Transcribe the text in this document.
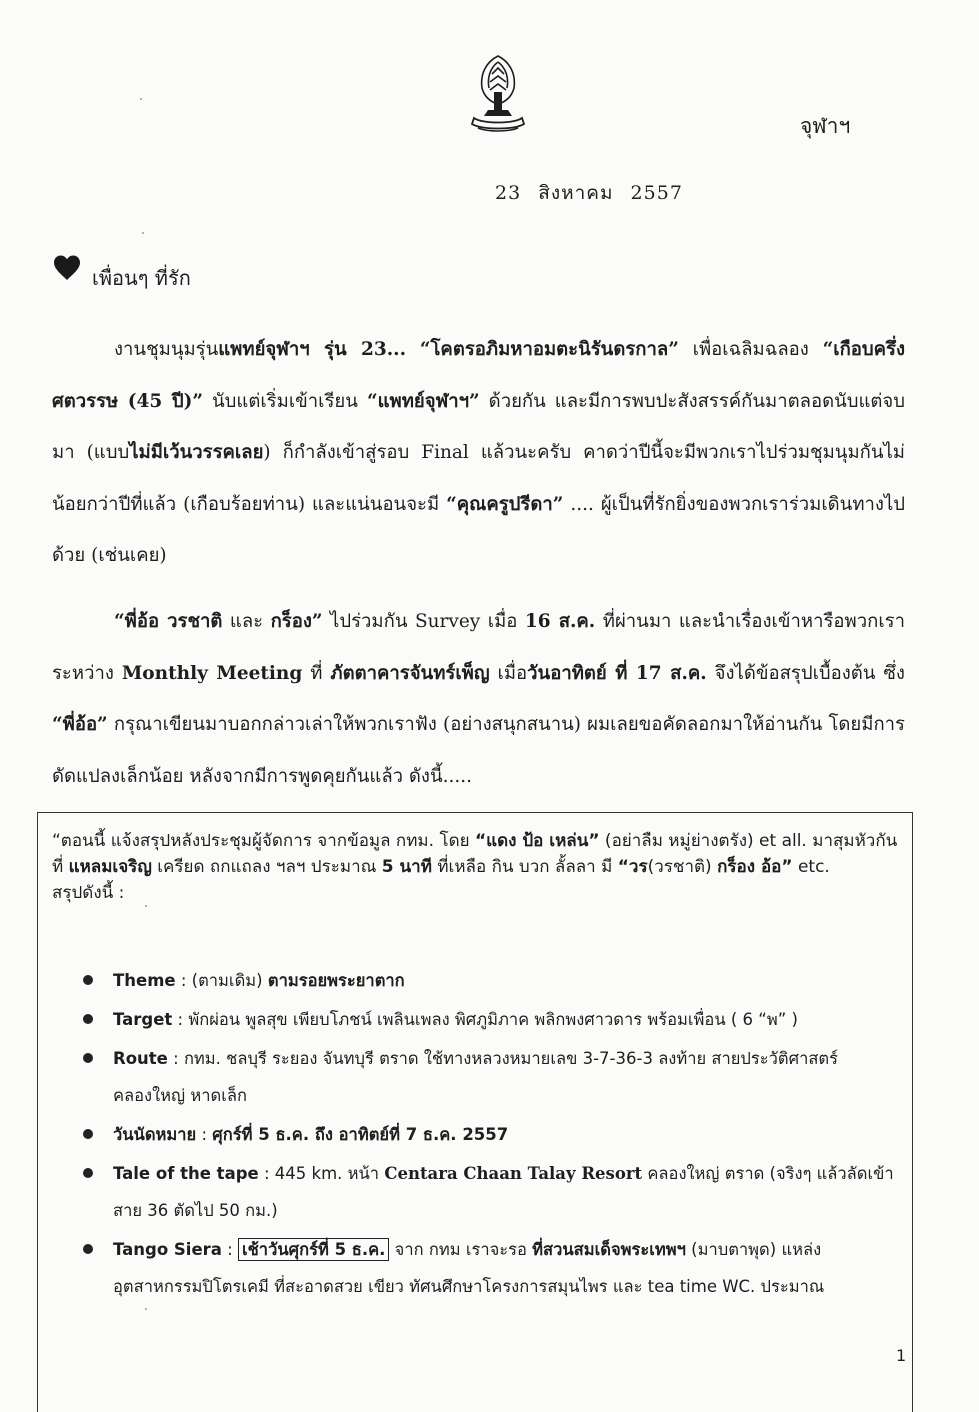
จุฬาฯ
23 สิงหาคม 2557
เพื่อนๆ ที่รัก

งานชุมนุมรุ่นแพทย์จุฬาฯ รุ่น 23... “โคตรอภิมหาอมตะนิรันดรกาล” เพื่อเฉลิมฉลอง “เกือบครึ่งศตวรรษ (45 ปี)” นับแต่เริ่มเข้าเรียน “แพทย์จุฬาฯ” ด้วยกัน และมีการพบปะสังสรรค์กันมาตลอดนับแต่จบมา (แบบไม่มีเว้นวรรคเลย) ก็กำลังเข้าสู่รอบ Final แล้วนะครับ คาดว่าปีนี้จะมีพวกเราไปร่วมชุมนุมกันไม่น้อยกว่าปีที่แล้ว (เกือบร้อยท่าน) และแน่นอนจะมี “คุณครูปรีดา” .... ผู้เป็นที่รักยิ่งของพวกเราร่วมเดินทางไปด้วย (เช่นเคย)

“พี่อ้อ วรชาติ และ กร็อง” ไปร่วมกัน Survey เมื่อ 16 ส.ค. ที่ผ่านมา และนำเรื่องเข้าหารือพวกเราระหว่าง Monthly Meeting ที่ ภัตตาคารจันทร์เพ็ญ เมื่อวันอาทิตย์ ที่ 17 ส.ค. จึงได้ข้อสรุปเบื้องต้น ซึ่ง “พี่อ้อ” กรุณาเขียนมาบอกกล่าวเล่าให้พวกเราฟัง (อย่างสนุกสนาน) ผมเลยขอคัดลอกมาให้อ่านกัน โดยมีการดัดแปลงเล็กน้อย หลังจากมีการพูดคุยกันแล้ว ดังนี้.....

“ตอนนี้ แจ้งสรุปหลังประชุมผู้จัดการ จากข้อมูล กทม. โดย “แดง ป้อ เหล่น” (อย่าลืม หมู่ย่างตรัง) et all. มาสุมหัวกันที่ แหลมเจริญ เครียด ถกแถลง ฯลฯ ประมาณ 5 นาที ที่เหลือ กิน บวก ลั้ลลา มี “วร(วรชาติ) กร็อง อ้อ” etc.
สรุปดังนี้ :

Theme : (ตามเดิม) ตามรอยพระยาตาก
Target : พักผ่อน พูลสุข เพียบโภชน์ เพลินเพลง พิศภูมิภาค พลิกพงศาวดาร พร้อมเพื่อน ( 6 “พ” )
Route : กทม. ชลบุรี ระยอง จันทบุรี ตราด ใช้ทางหลวงหมายเลข 3-7-36-3 ลงท้าย สายประวัติศาสตร์ คลองใหญ่ หาดเล็ก
วันนัดหมาย : ศุกร์ที่ 5 ธ.ค. ถึง อาทิตย์ที่ 7 ธ.ค. 2557
Tale of the tape : 445 km. หน้า Centara Chaan Talay Resort คลองใหญ่ ตราด (จริงๆ แล้วลัดเข้าสาย 36 ตัดไป 50 กม.)
Tango Siera : เช้าวันศุกร์ที่ 5 ธ.ค. จาก กทม เราจะรอ ที่สวนสมเด็จพระเทพฯ (มาบตาพุด) แหล่งอุตสาหกรรมปิโตรเคมี ที่สะอาดสวย เขียว ทัศนศึกษาโครงการสมุนไพร และ tea time WC. ประมาณ
1
